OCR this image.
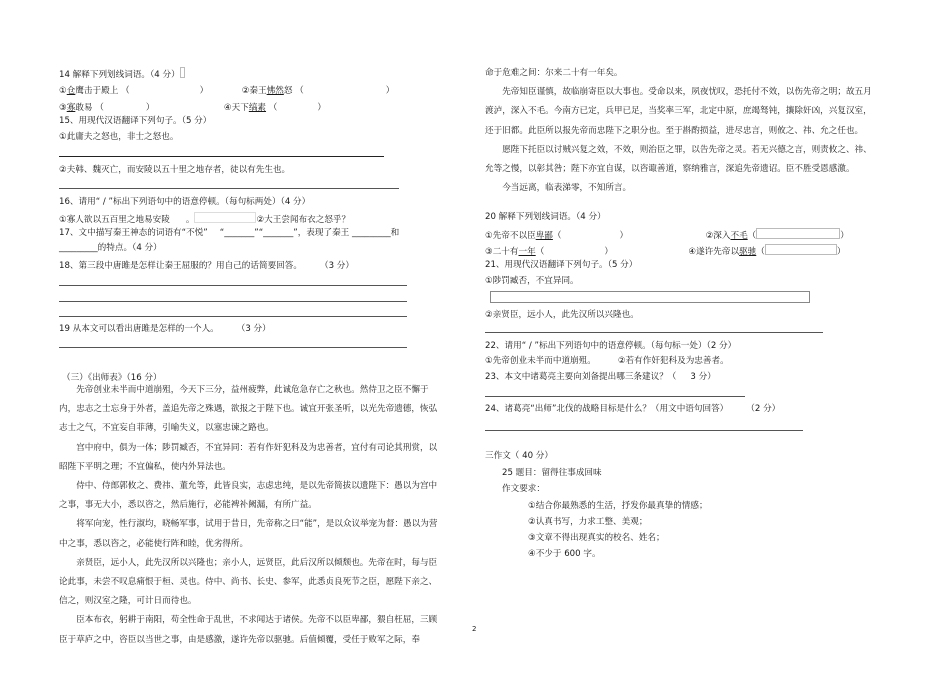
14 解释下列划线词语。（4 分）
①仓鹰击于殿上 （	）	②秦王怫然怒 （	）
③寡敢易 （	）	④天下缟素 （	）
15、用现代汉语翻译下列句子。（5 分）
①此庸夫之怒也，非士之怒也。
②夫韩、魏灭亡，而安陵以五十里之地存者，徒以有先生也。
16、请用“ / ”标出下列语句中的语意停顿。（每句标两处）（4 分）
①寡人欲以五百里之地易安陵 。	②大王尝闻布衣之怒乎？
17、文中描写秦王神态的词语有“不悦” “_______”“_______”，表现了秦王 _________和
_________的特点。（4 分）
18、第三段中唐雎是怎样让秦王屈服的？用自己的话简要回答。 （3 分）
19 从本文可以看出唐雎是怎样的一个人。 （3 分）
（三）《出师表》（16 分）
先帝创业未半而中道崩殂，今天下三分，益州疲弊，此诚危急存亡之秋也。然侍卫之臣不懈于内，忠志之士忘身于外者，盖追先帝之殊遇，欲报之于陛下也。诚宜开张圣听，以光先帝遗德，恢弘志士之气，不宜妄自菲薄，引喻失义，以塞忠谏之路也。
宫中府中，俱为一体；陟罚臧否，不宜异同：若有作奸犯科及为忠善者，宜付有司论其刑赏，以昭陛下平明之理；不宜偏私，使内外异法也。
侍中、侍郎郭攸之、费祎、董允等，此皆良实，志虑忠纯，是以先帝简拔以遗陛下：愚以为宫中之事，事无大小，悉以咨之，然后施行，必能裨补阙漏，有所广益。
将军向宠，性行淑均，晓畅军事，试用于昔日，先帝称之曰“能”，是以众议举宠为督：愚以为营中之事，悉以咨之，必能使行阵和睦，优劣得所。
亲贤臣，远小人，此先汉所以兴隆也；亲小人，远贤臣，此后汉所以倾颓也。先帝在时，每与臣论此事，未尝不叹息痛恨于桓、灵也。侍中、尚书、长史、参军，此悉贞良死节之臣，愿陛下亲之、信之，则汉室之隆，可计日而待也。
臣本布衣，躬耕于南阳，苟全性命于乱世，不求闻达于诸侯。先帝不以臣卑鄙，猥自枉屈，三顾臣于草庐之中，咨臣以当世之事，由是感激，遂许先帝以驱驰。后值倾覆，受任于败军之际，奉
命于危难之间：尔来二十有一年矣。
先帝知臣谨慎，故临崩寄臣以大事也。受命以来，夙夜忧叹，恐托付不效，以伤先帝之明；故五月渡泸，深入不毛。今南方已定，兵甲已足，当奖率三军，北定中原，庶竭驽钝，攘除奸凶，兴复汉室，还于旧都。此臣所以报先帝而忠陛下之职分也。至于斟酌损益，进尽忠言，则攸之、祎、允之任也。
愿陛下托臣以讨贼兴复之效，不效，则治臣之罪，以告先帝之灵。若无兴德之言，则责攸之、祎、允等之慢，以彰其咎；陛下亦宜自谋，以咨诹善道，察纳雅言，深追先帝遗诏。臣不胜受恩感激。
今当远离，临表涕零，不知所言。
20 解释下列划线词语。（4 分）
①先帝不以臣卑鄙（	）	②深入不毛（	）
③二十有一年（	）	④遂许先帝以驱驰（	）
21、用现代汉语翻译下列句子。（5 分）
①陟罚臧否，不宜异同。
②亲贤臣，远小人，此先汉所以兴隆也。
22、请用“ / ”标出下列语句中的语意停顿。（每句标一处）（2 分）
①先帝创业未半而中道崩殂。	②若有作奸犯科及为忠善者。
23、本文中诸葛亮主要向刘备提出哪三条建议？（ 3 分）
24、诸葛亮“出师”北伐的战略目标是什么？（用文中语句回答） （2 分）
三作文（ 40 分）
25 题目：留得往事成回味
作文要求：
①结合你最熟悉的生活，抒发你最真挚的情感；
②认真书写，力求工整、美观；
③文章不得出现真实的校名、姓名；
④不少于 600 字。
2
